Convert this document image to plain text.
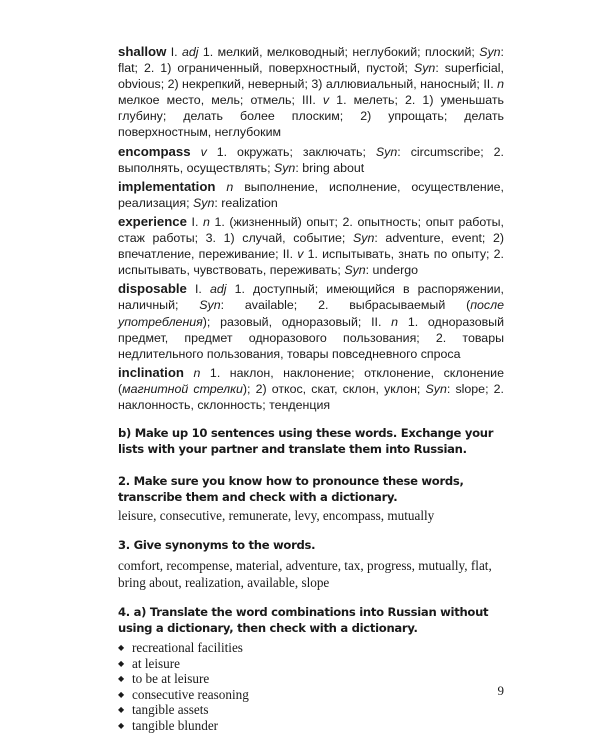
shallow I. adj 1. мелкий, мелководный; неглубокий; плоский; Syn: flat; 2. 1) ограниченный, поверхностный, пустой; Syn: superficial, obvious; 2) некрепкий, неверный; 3) аллювиальный, наносный; II. n мелкое место, мель; отмель; III. v 1. мелеть; 2. 1) уменьшать глубину; делать более плоским; 2) упрощать; делать поверхностным, неглубоким

encompass v 1. окружать; заключать; Syn: circumscribe; 2. выполнять, осуществлять; Syn: bring about

implementation n выполнение, исполнение, осуществление, реализация; Syn: realization

experience I. n 1. (жизненный) опыт; 2. опытность; опыт работы, стаж работы; 3. 1) случай, событие; Syn: adventure, event; 2) впечатление, переживание; II. v 1. испытывать, знать по опыту; 2. испытывать, чувствовать, переживать; Syn: undergo

disposable I. adj 1. доступный; имеющийся в распоряжении, наличный; Syn: available; 2. выбрасываемый (после употребления); разовый, одноразовый; II. n 1. одноразовый предмет, предмет одноразового пользования; 2. товары недлительного пользования, товары повседневного спроса

inclination n 1. наклон, наклонение; отклонение, склонение (магнитной стрелки); 2) откос, скат, склон, уклон; Syn: slope; 2. наклонность, склонность; тенденция

b) Make up 10 sentences using these words. Exchange your lists with your partner and translate them into Russian.

2. Make sure you know how to pronounce these words, transcribe them and check with a dictionary.

leisure, consecutive, remunerate, levy, encompass, mutually

3. Give synonyms to the words.

comfort, recompense, material, adventure, tax, progress, mutually, flat, bring about, realization, available, slope

4. a) Translate the word combinations into Russian without using a dictionary, then check with a dictionary.

◆ recreational facilities
◆ at leisure
◆ to be at leisure
◆ consecutive reasoning
◆ tangible assets
◆ tangible blunder
9
